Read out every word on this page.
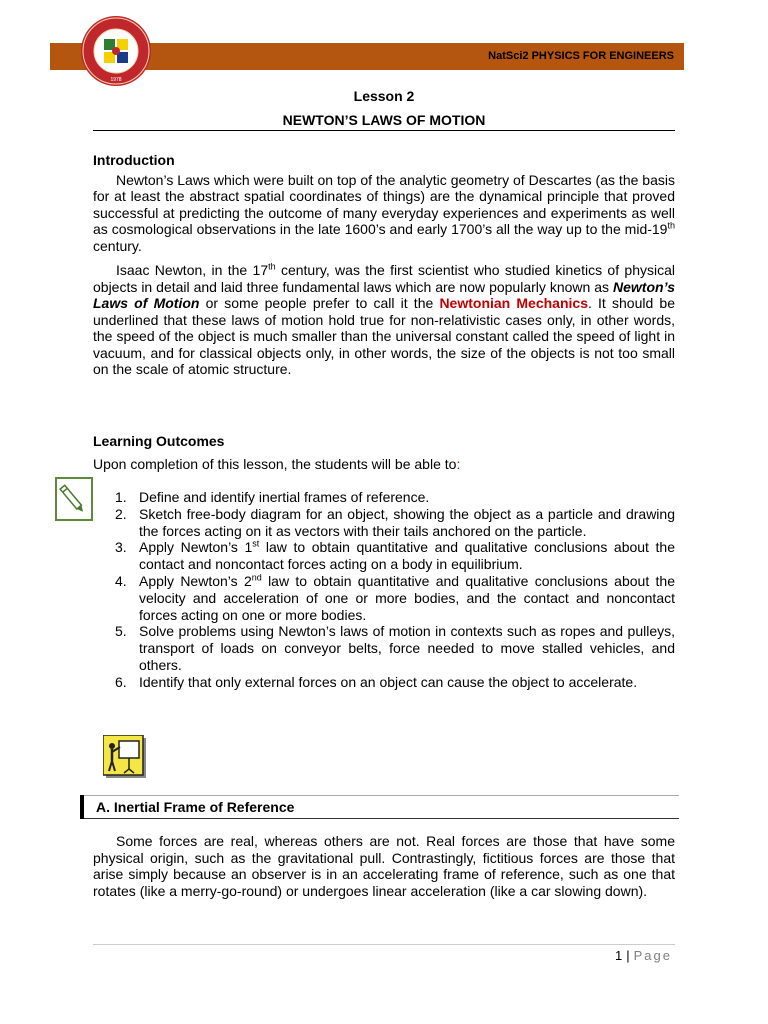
NatSci2 PHYSICS FOR ENGINEERS
1978
Lesson 2
NEWTON’S LAWS OF MOTION
Introduction

Newton’s Laws which were built on top of the analytic geometry of Descartes (as the basis for at least the abstract spatial coordinates of things) are the dynamical principle that proved successful at predicting the outcome of many everyday experiences and experiments as well as cosmological observations in the late 1600’s and early 1700’s all the way up to the mid-19th century.

Isaac Newton, in the 17th century, was the first scientist who studied kinetics of physical objects in detail and laid three fundamental laws which are now popularly known as Newton’s Laws of Motion or some people prefer to call it the Newtonian Mechanics. It should be underlined that these laws of motion hold true for non-relativistic cases only, in other words, the speed of the object is much smaller than the universal constant called the speed of light in vacuum, and for classical objects only, in other words, the size of the objects is not too small on the scale of atomic structure.

Learning Outcomes
Upon completion of this lesson, the students will be able to:
1. Define and identify inertial frames of reference.
2. Sketch free-body diagram for an object, showing the object as a particle and drawing the forces acting on it as vectors with their tails anchored on the particle.
3. Apply Newton’s 1st law to obtain quantitative and qualitative conclusions about the contact and noncontact forces acting on a body in equilibrium.
4. Apply Newton’s 2nd law to obtain quantitative and qualitative conclusions about the velocity and acceleration of one or more bodies, and the contact and noncontact forces acting on one or more bodies.
5. Solve problems using Newton’s laws of motion in contexts such as ropes and pulleys, transport of loads on conveyor belts, force needed to move stalled vehicles, and others.
6. Identify that only external forces on an object can cause the object to accelerate.
A. Inertial Frame of Reference

Some forces are real, whereas others are not. Real forces are those that have some physical origin, such as the gravitational pull. Contrastingly, fictitious forces are those that arise simply because an observer is in an accelerating frame of reference, such as one that rotates (like a merry-go-round) or undergoes linear acceleration (like a car slowing down).

1 | Page
